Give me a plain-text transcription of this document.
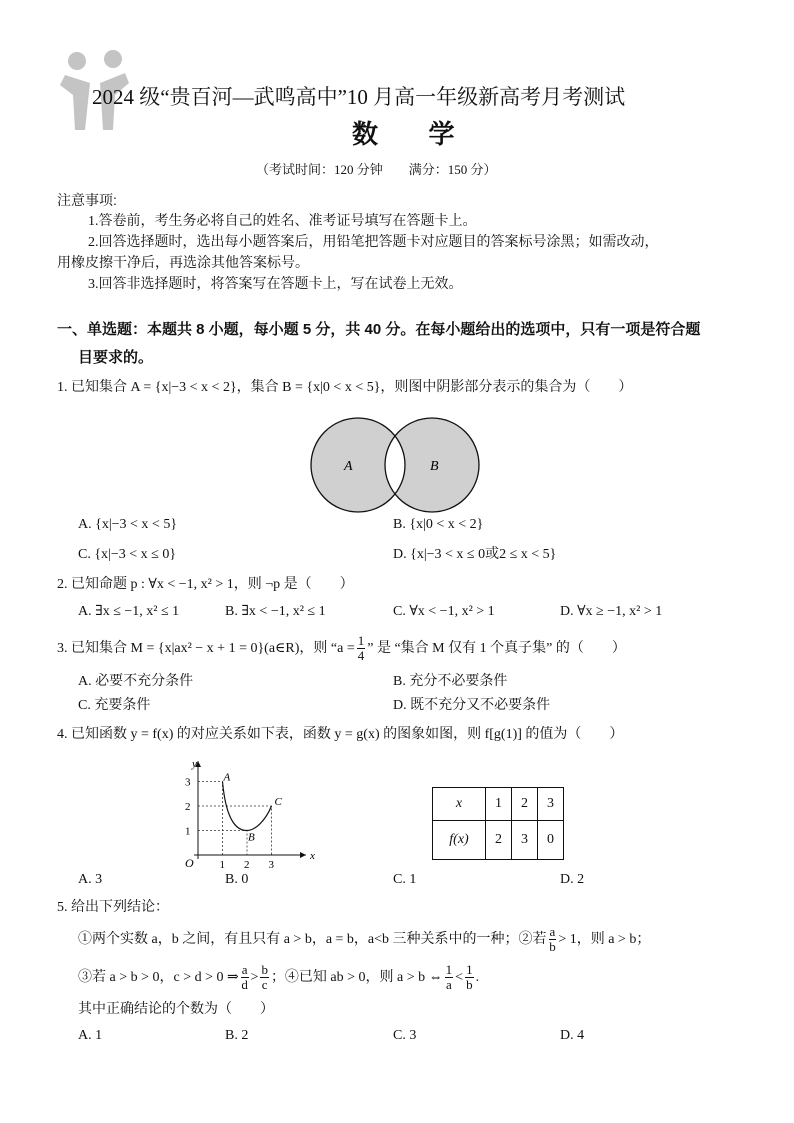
2024 级“贵百河—武鸣高中”10 月高一年级新高考月考测试
数 学
（考试时间：120 分钟　　满分：150 分）
注意事项:
1.答卷前，考生务必将自己的姓名、准考证号填写在答题卡上。
2.回答选择题时，选出每小题答案后，用铅笔把答题卡对应题目的答案标号涂黑；如需改动，
用橡皮擦干净后，再选涂其他答案标号。
3.回答非选择题时，将答案写在答题卡上，写在试卷上无效。
一、单选题：本题共 8 小题，每小题 5 分，共 40 分。在每小题给出的选项中，只有一项是符合题
目要求的。
1. 已知集合 A = {x|−3 < x < 2}，集合 B = {x|0 < x < 5}，则图中阴影部分表示的集合为（　　）
A	B
A. {x|−3 < x < 5}	B. {x|0 < x < 2}
C. {x|−3 < x ≤ 0}	D. {x|−3 < x ≤ 0或2 ≤ x < 5}
2. 已知命题 p : ∀x < −1, x² > 1，则 ¬p 是（　　）
A. ∃x ≤ −1, x² ≤ 1	B. ∃x < −1, x² ≤ 1	C. ∀x < −1, x² > 1	D. ∀x ≥ −1, x² > 1
3. 已知集合 M = {x|ax² − x + 1 = 0}(a∈R)，则 “$a = \frac{1}{4}$ ” 是 “集合 M 仅有 1 个真子集” 的（　　）
A. 必要不充分条件	B. 充分不必要条件
C. 充要条件	D. 既不充分又不必要条件
4. 已知函数 y = f(x) 的对应关系如下表，函数 y = g(x) 的图象如图，则 f[g(1)] 的值为（　　）
y
x
O 1 2 3
1
2
3	A
B
C	x	1	2	3
f(x)	2	3	0
A. 3	B. 0	C. 1	D. 2
5. 给出下列结论：
①两个实数 a，b 之间，有且只有 a > b，a = b，a<b 三种关系中的一种；②若 $\frac{a}{b} > 1$，则 a > b；
③若 a > b > 0，c > d > 0 ⇒ $\frac{a}{d} > \frac{b}{c}$ ；④已知 ab > 0，则 a > b ⇔ $\frac{1}{a} < \frac{1}{b}$ .
其中正确结论的个数为（　　）
A. 1	B. 2	C. 3	D. 4
